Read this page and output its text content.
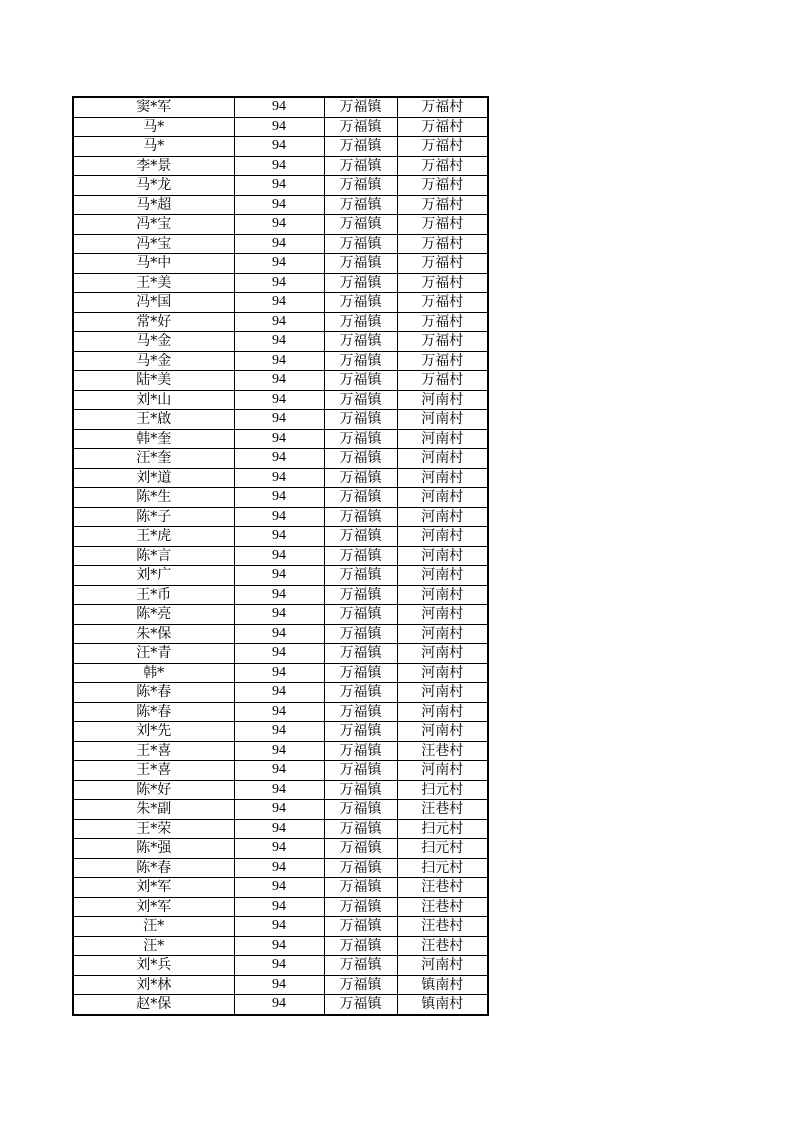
窦*军	94	万福镇	万福村
马*	94	万福镇	万福村
马*	94	万福镇	万福村
李*景	94	万福镇	万福村
马*龙	94	万福镇	万福村
马*超	94	万福镇	万福村
冯*宝	94	万福镇	万福村
冯*宝	94	万福镇	万福村
马*中	94	万福镇	万福村
王*美	94	万福镇	万福村
冯*国	94	万福镇	万福村
常*好	94	万福镇	万福村
马*金	94	万福镇	万福村
马*金	94	万福镇	万福村
陆*美	94	万福镇	万福村
刘*山	94	万福镇	河南村
王*啟	94	万福镇	河南村
韩*奎	94	万福镇	河南村
汪*奎	94	万福镇	河南村
刘*道	94	万福镇	河南村
陈*生	94	万福镇	河南村
陈*子	94	万福镇	河南村
王*虎	94	万福镇	河南村
陈*言	94	万福镇	河南村
刘*广	94	万福镇	河南村
王*币	94	万福镇	河南村
陈*亮	94	万福镇	河南村
朱*保	94	万福镇	河南村
汪*青	94	万福镇	河南村
韩*	94	万福镇	河南村
陈*春	94	万福镇	河南村
陈*春	94	万福镇	河南村
刘*先	94	万福镇	河南村
王*喜	94	万福镇	汪巷村
王*喜	94	万福镇	河南村
陈*好	94	万福镇	扫元村
朱*副	94	万福镇	汪巷村
王*荣	94	万福镇	扫元村
陈*强	94	万福镇	扫元村
陈*春	94	万福镇	扫元村
刘*军	94	万福镇	汪巷村
刘*军	94	万福镇	汪巷村
汪*	94	万福镇	汪巷村
汪*	94	万福镇	汪巷村
刘*兵	94	万福镇	河南村
刘*林	94	万福镇	镇南村
赵*保	94	万福镇	镇南村
